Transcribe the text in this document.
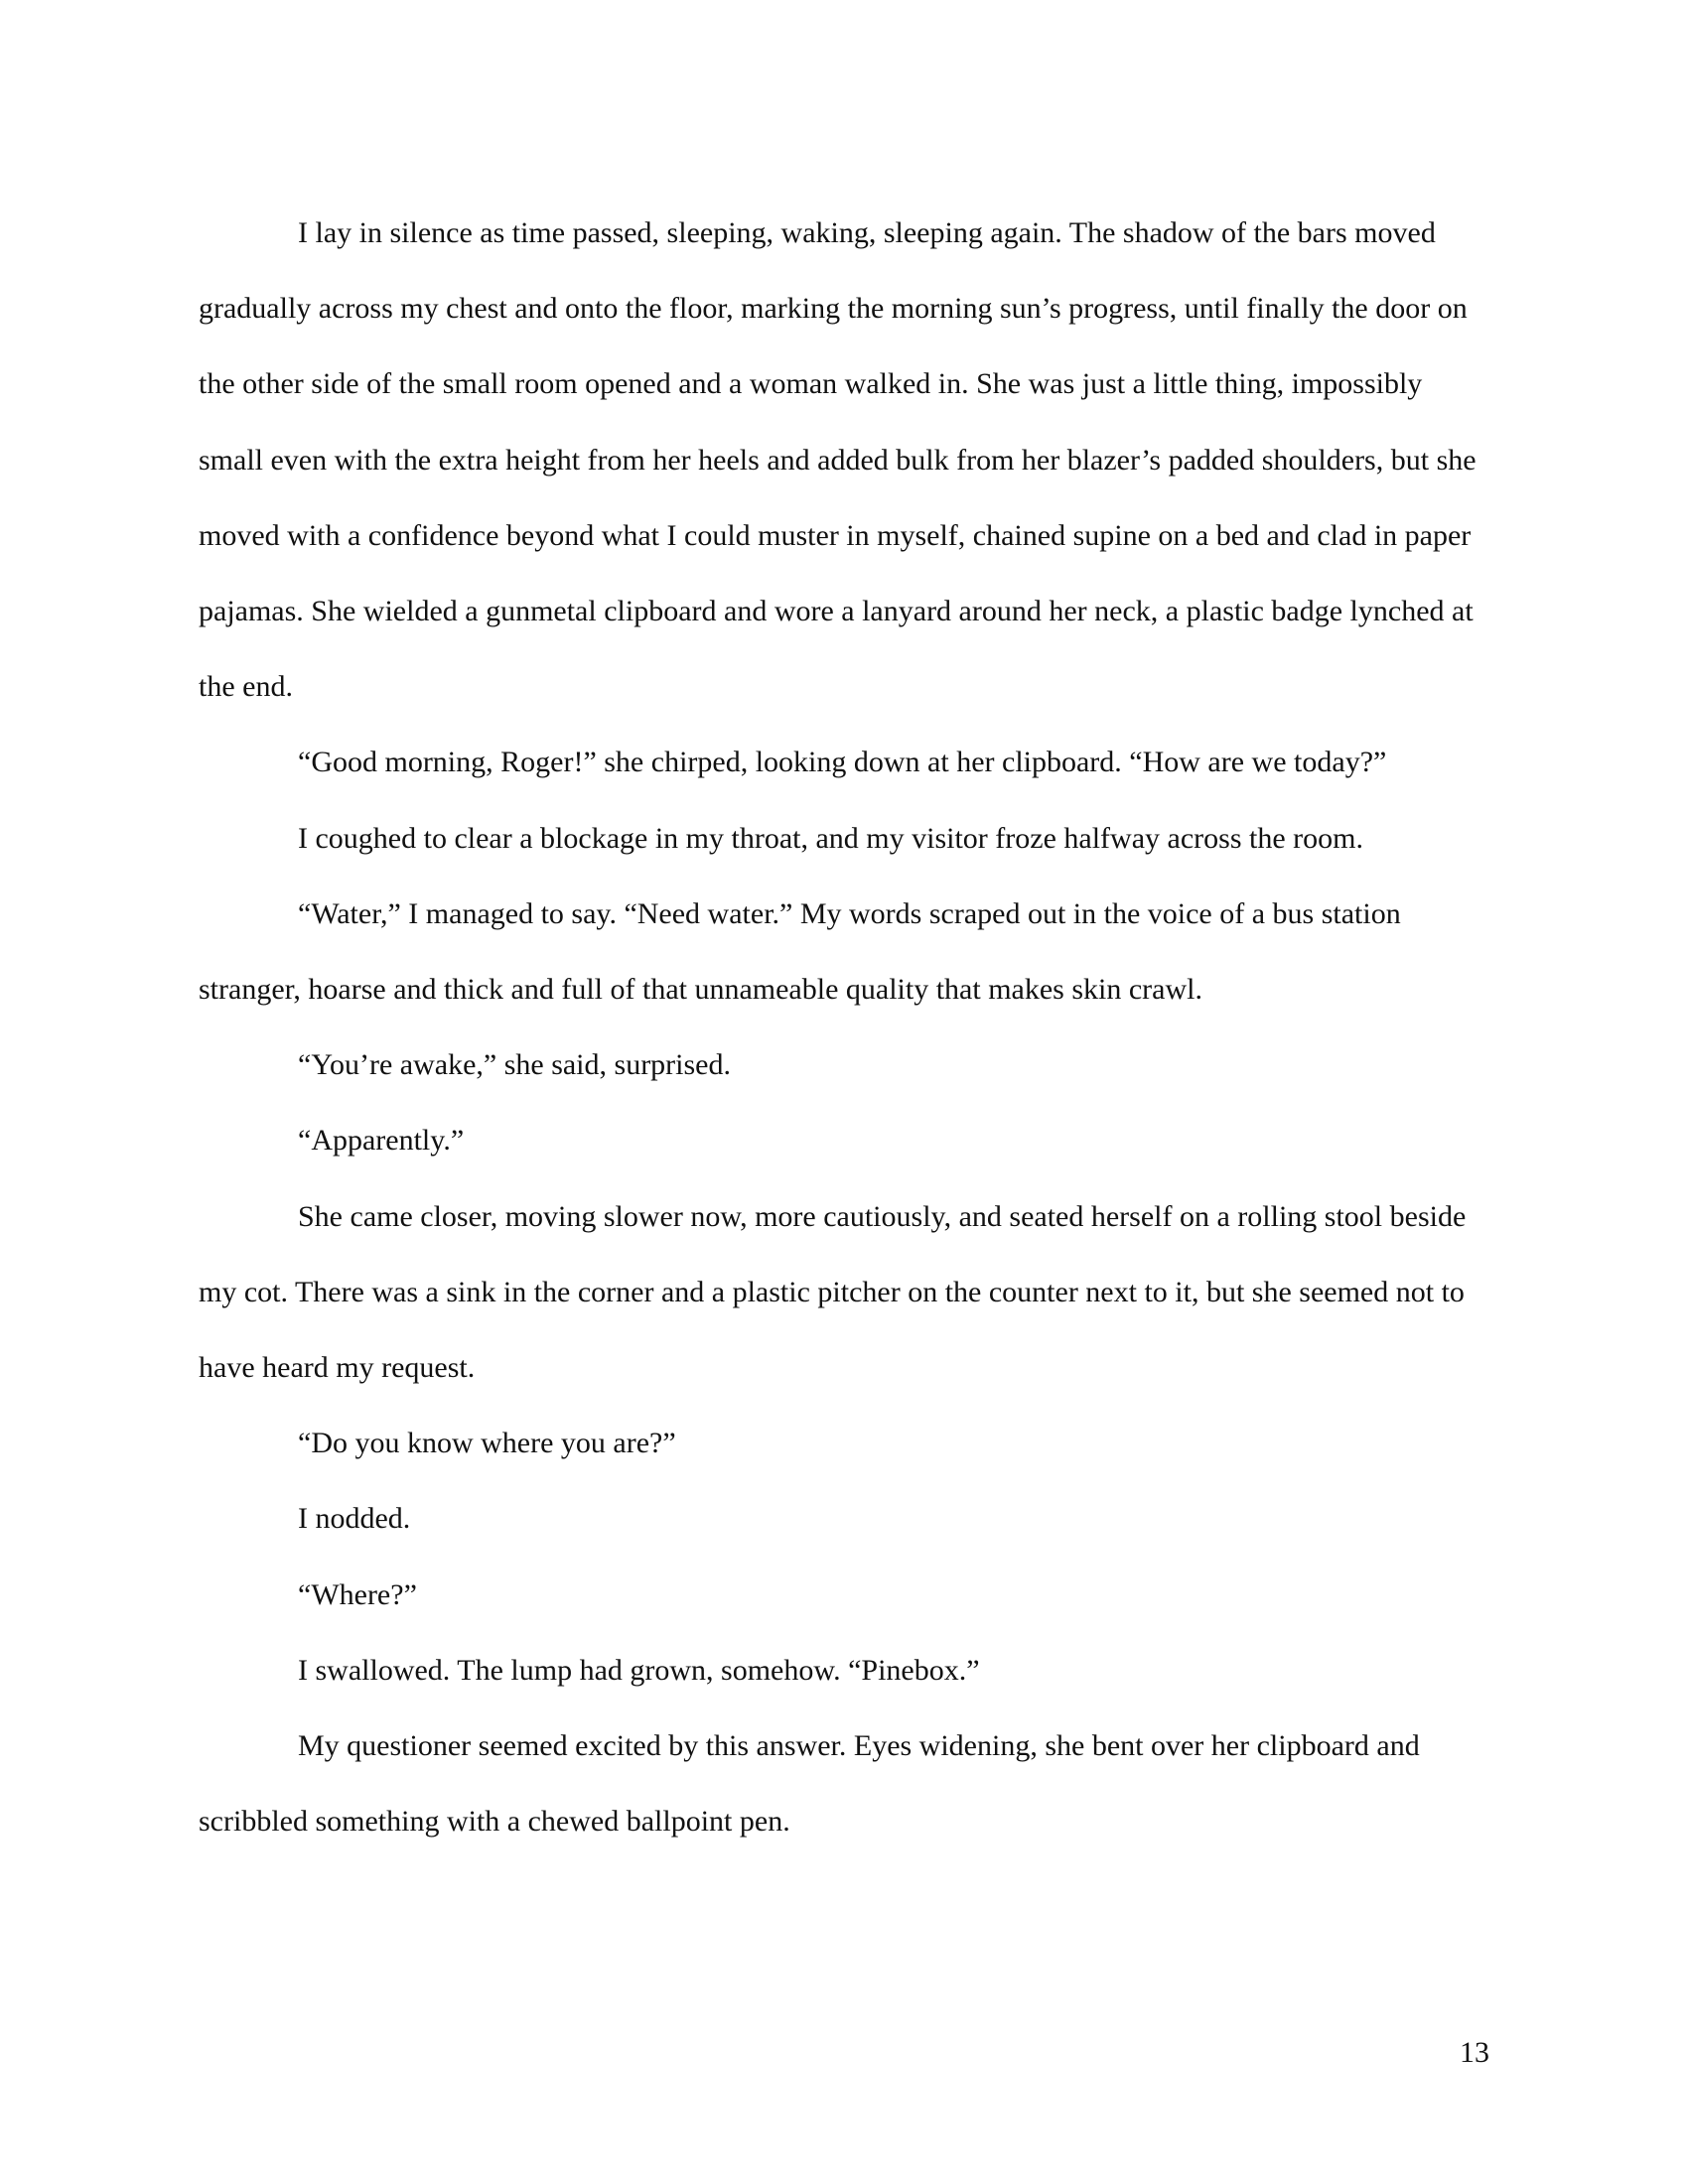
I lay in silence as time passed, sleeping, waking, sleeping again. The shadow of the bars moved gradually across my chest and onto the floor, marking the morning sun’s progress, until finally the door on the other side of the small room opened and a woman walked in. She was just a little thing, impossibly small even with the extra height from her heels and added bulk from her blazer’s padded shoulders, but she moved with a confidence beyond what I could muster in myself, chained supine on a bed and clad in paper pajamas. She wielded a gunmetal clipboard and wore a lanyard around her neck, a plastic badge lynched at the end.

“Good morning, Roger!” she chirped, looking down at her clipboard. “How are we today?”

I coughed to clear a blockage in my throat, and my visitor froze halfway across the room.

“Water,” I managed to say. “Need water.” My words scraped out in the voice of a bus station stranger, hoarse and thick and full of that unnameable quality that makes skin crawl.

“You’re awake,” she said, surprised.

“Apparently.”

She came closer, moving slower now, more cautiously, and seated herself on a rolling stool beside my cot. There was a sink in the corner and a plastic pitcher on the counter next to it, but she seemed not to have heard my request.

“Do you know where you are?”

I nodded.

“Where?”

I swallowed. The lump had grown, somehow. “Pinebox.”

My questioner seemed excited by this answer. Eyes widening, she bent over her clipboard and scribbled something with a chewed ballpoint pen.

13
